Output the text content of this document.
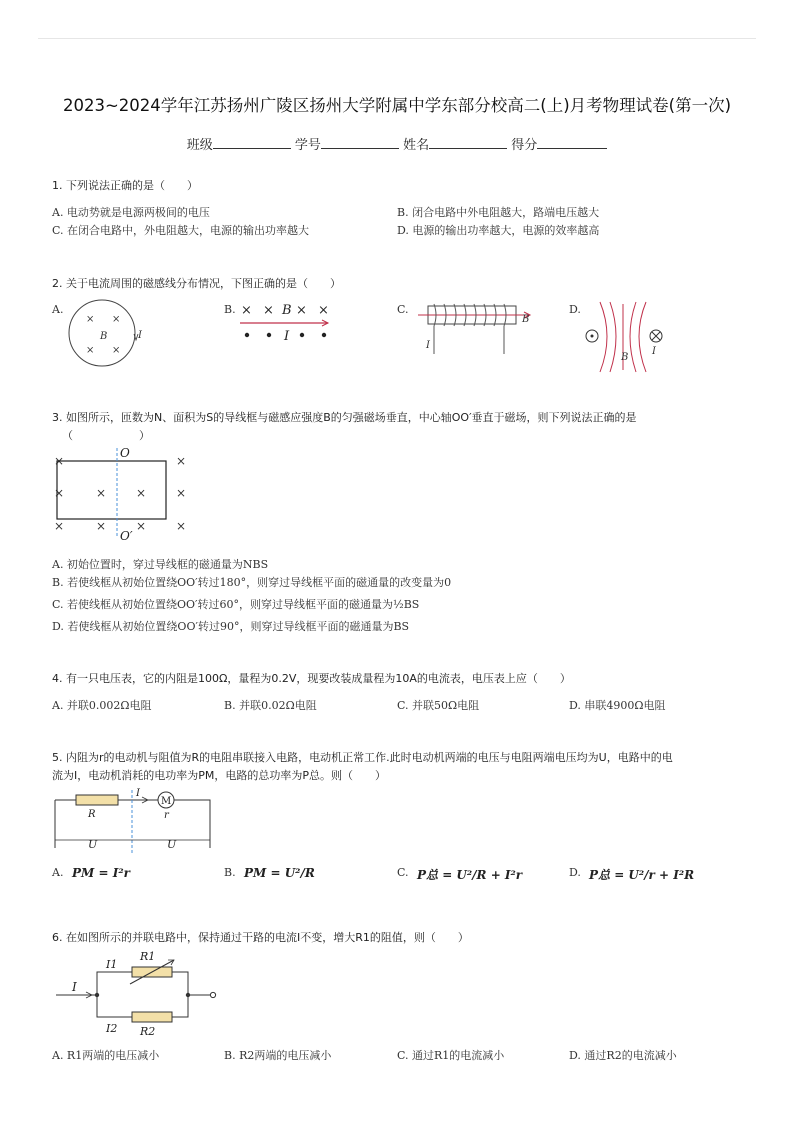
2023~2024学年江苏扬州广陵区扬州大学附属中学东部分校高二(上)月考物理试卷(第一次)
班级	学号	姓名	得分
1. 下列说法正确的是（　　）
A. 电动势就是电源两极间的电压	B. 闭合电路中外电阻越大，路端电压越大
C. 在闭合电路中，外电阻越大，电源的输出功率越大	D. 电源的输出功率越大，电源的效率越高
2. 关于电流周围的磁感线分布情况，下图正确的是（　　）
A.	B.	C.	D.
× ×
× ×
B	I
× × B × ×
I
B
I
B
I
3. 如图所示，匝数为N、面积为S的导线框与磁感应强度B的匀强磁场垂直，中心轴OO′垂直于磁场，则下列说法正确的是
（　　　　　　）
×	×
×	× × ×
×	× × ×
O
O′
A. 初始位置时，穿过导线框的磁通量为NBS
B. 若使线框从初始位置绕OO′转过180°，则穿过导线框平面的磁通量的改变量为0
C. 若使线框从初始位置绕OO′转过60°，则穿过导线框平面的磁通量为½BS
D. 若使线框从初始位置绕OO′转过90°，则穿过导线框平面的磁通量为BS
4. 有一只电压表，它的内阻是100Ω，量程为0.2V，现要改装成量程为10A的电流表，电压表上应（　　）
A. 并联0.002Ω电阻	B. 并联0.02Ω电阻	C. 并联50Ω电阻	D. 串联4900Ω电阻
5. 内阻为r的电动机与阻值为R的电阻串联接入电路，电动机正常工作.此时电动机两端的电压与电阻两端电压均为U，电路中的电
流为I，电动机消耗的电功率为PM，电路的总功率为P总。则（　　）
M
R
I
r
U	U
A.	B.	C.	D.
PM = I²r	PM = U²/R	P总 = U²/R + I²r	P总 = U²/r + I²R
6. 在如图所示的并联电路中，保持通过干路的电流I不变，增大R1的阻值，则（　　）
I
I1
I2
R1
R2
A. R1两端的电压减小	B. R2两端的电压减小	C. 通过R1的电流减小	D. 通过R2的电流减小
